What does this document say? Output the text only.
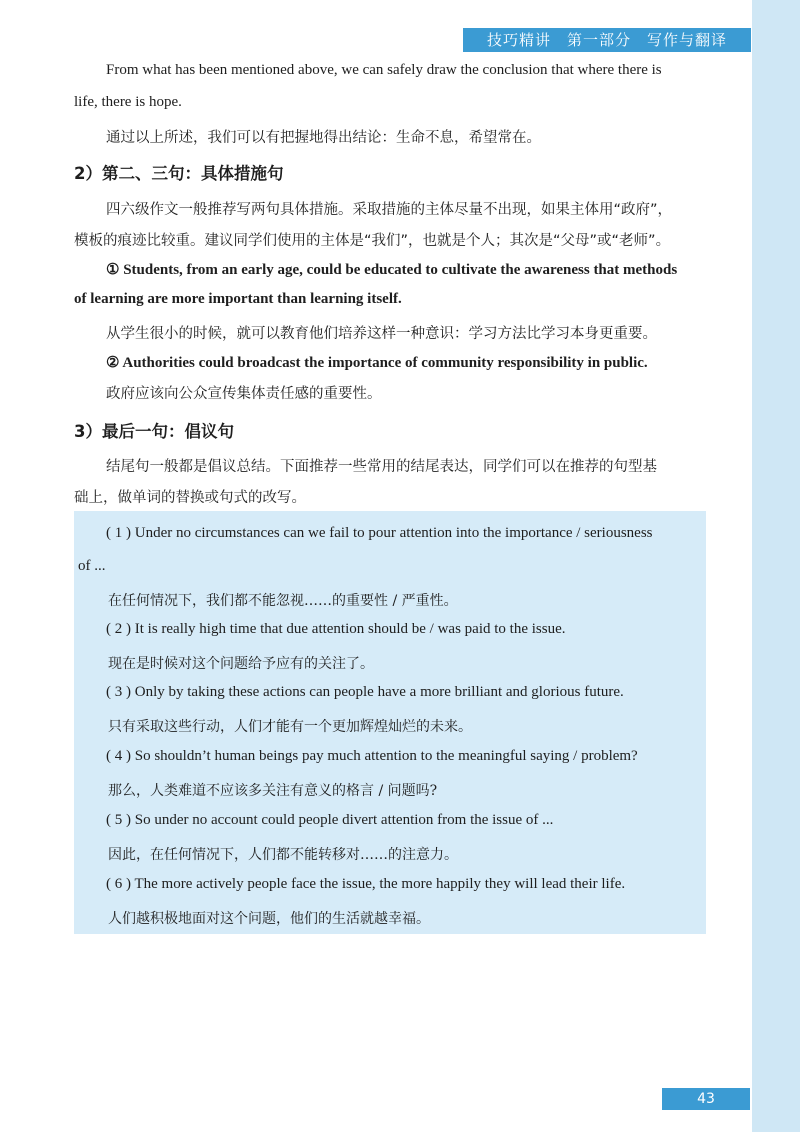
技巧精讲　第一部分　写作与翻译
From what has been mentioned above, we can safely draw the conclusion that where there is
life, there is hope.
通过以上所述，我们可以有把握地得出结论：生命不息，希望常在。
2）第二、三句：具体措施句
四六级作文一般推荐写两句具体措施。采取措施的主体尽量不出现，如果主体用“政府”，
模板的痕迹比较重。建议同学们使用的主体是“我们”，也就是个人；其次是“父母”或“老师”。
① Students, from an early age, could be educated to cultivate the awareness that methods
of learning are more important than learning itself.
从学生很小的时候，就可以教育他们培养这样一种意识：学习方法比学习本身更重要。
② Authorities could broadcast the importance of community responsibility in public.
政府应该向公众宣传集体责任感的重要性。
3）最后一句：倡议句
结尾句一般都是倡议总结。下面推荐一些常用的结尾表达，同学们可以在推荐的句型基
础上，做单词的替换或句式的改写。
( 1 ) Under no circumstances can we fail to pour attention into the importance / seriousness
of ...
在任何情况下，我们都不能忽视……的重要性 / 严重性。
( 2 ) It is really high time that due attention should be / was paid to the issue.
现在是时候对这个问题给予应有的关注了。
( 3 ) Only by taking these actions can people have a more brilliant and glorious future.
只有采取这些行动，人们才能有一个更加辉煌灿烂的未来。
( 4 ) So shouldn’t human beings pay much attention to the meaningful saying / problem?
那么，人类难道不应该多关注有意义的格言 / 问题吗?
( 5 ) So under no account could people divert attention from the issue of ...
因此，在任何情况下，人们都不能转移对……的注意力。
( 6 ) The more actively people face the issue, the more happily they will lead their life.
人们越积极地面对这个问题，他们的生活就越幸福。
43
